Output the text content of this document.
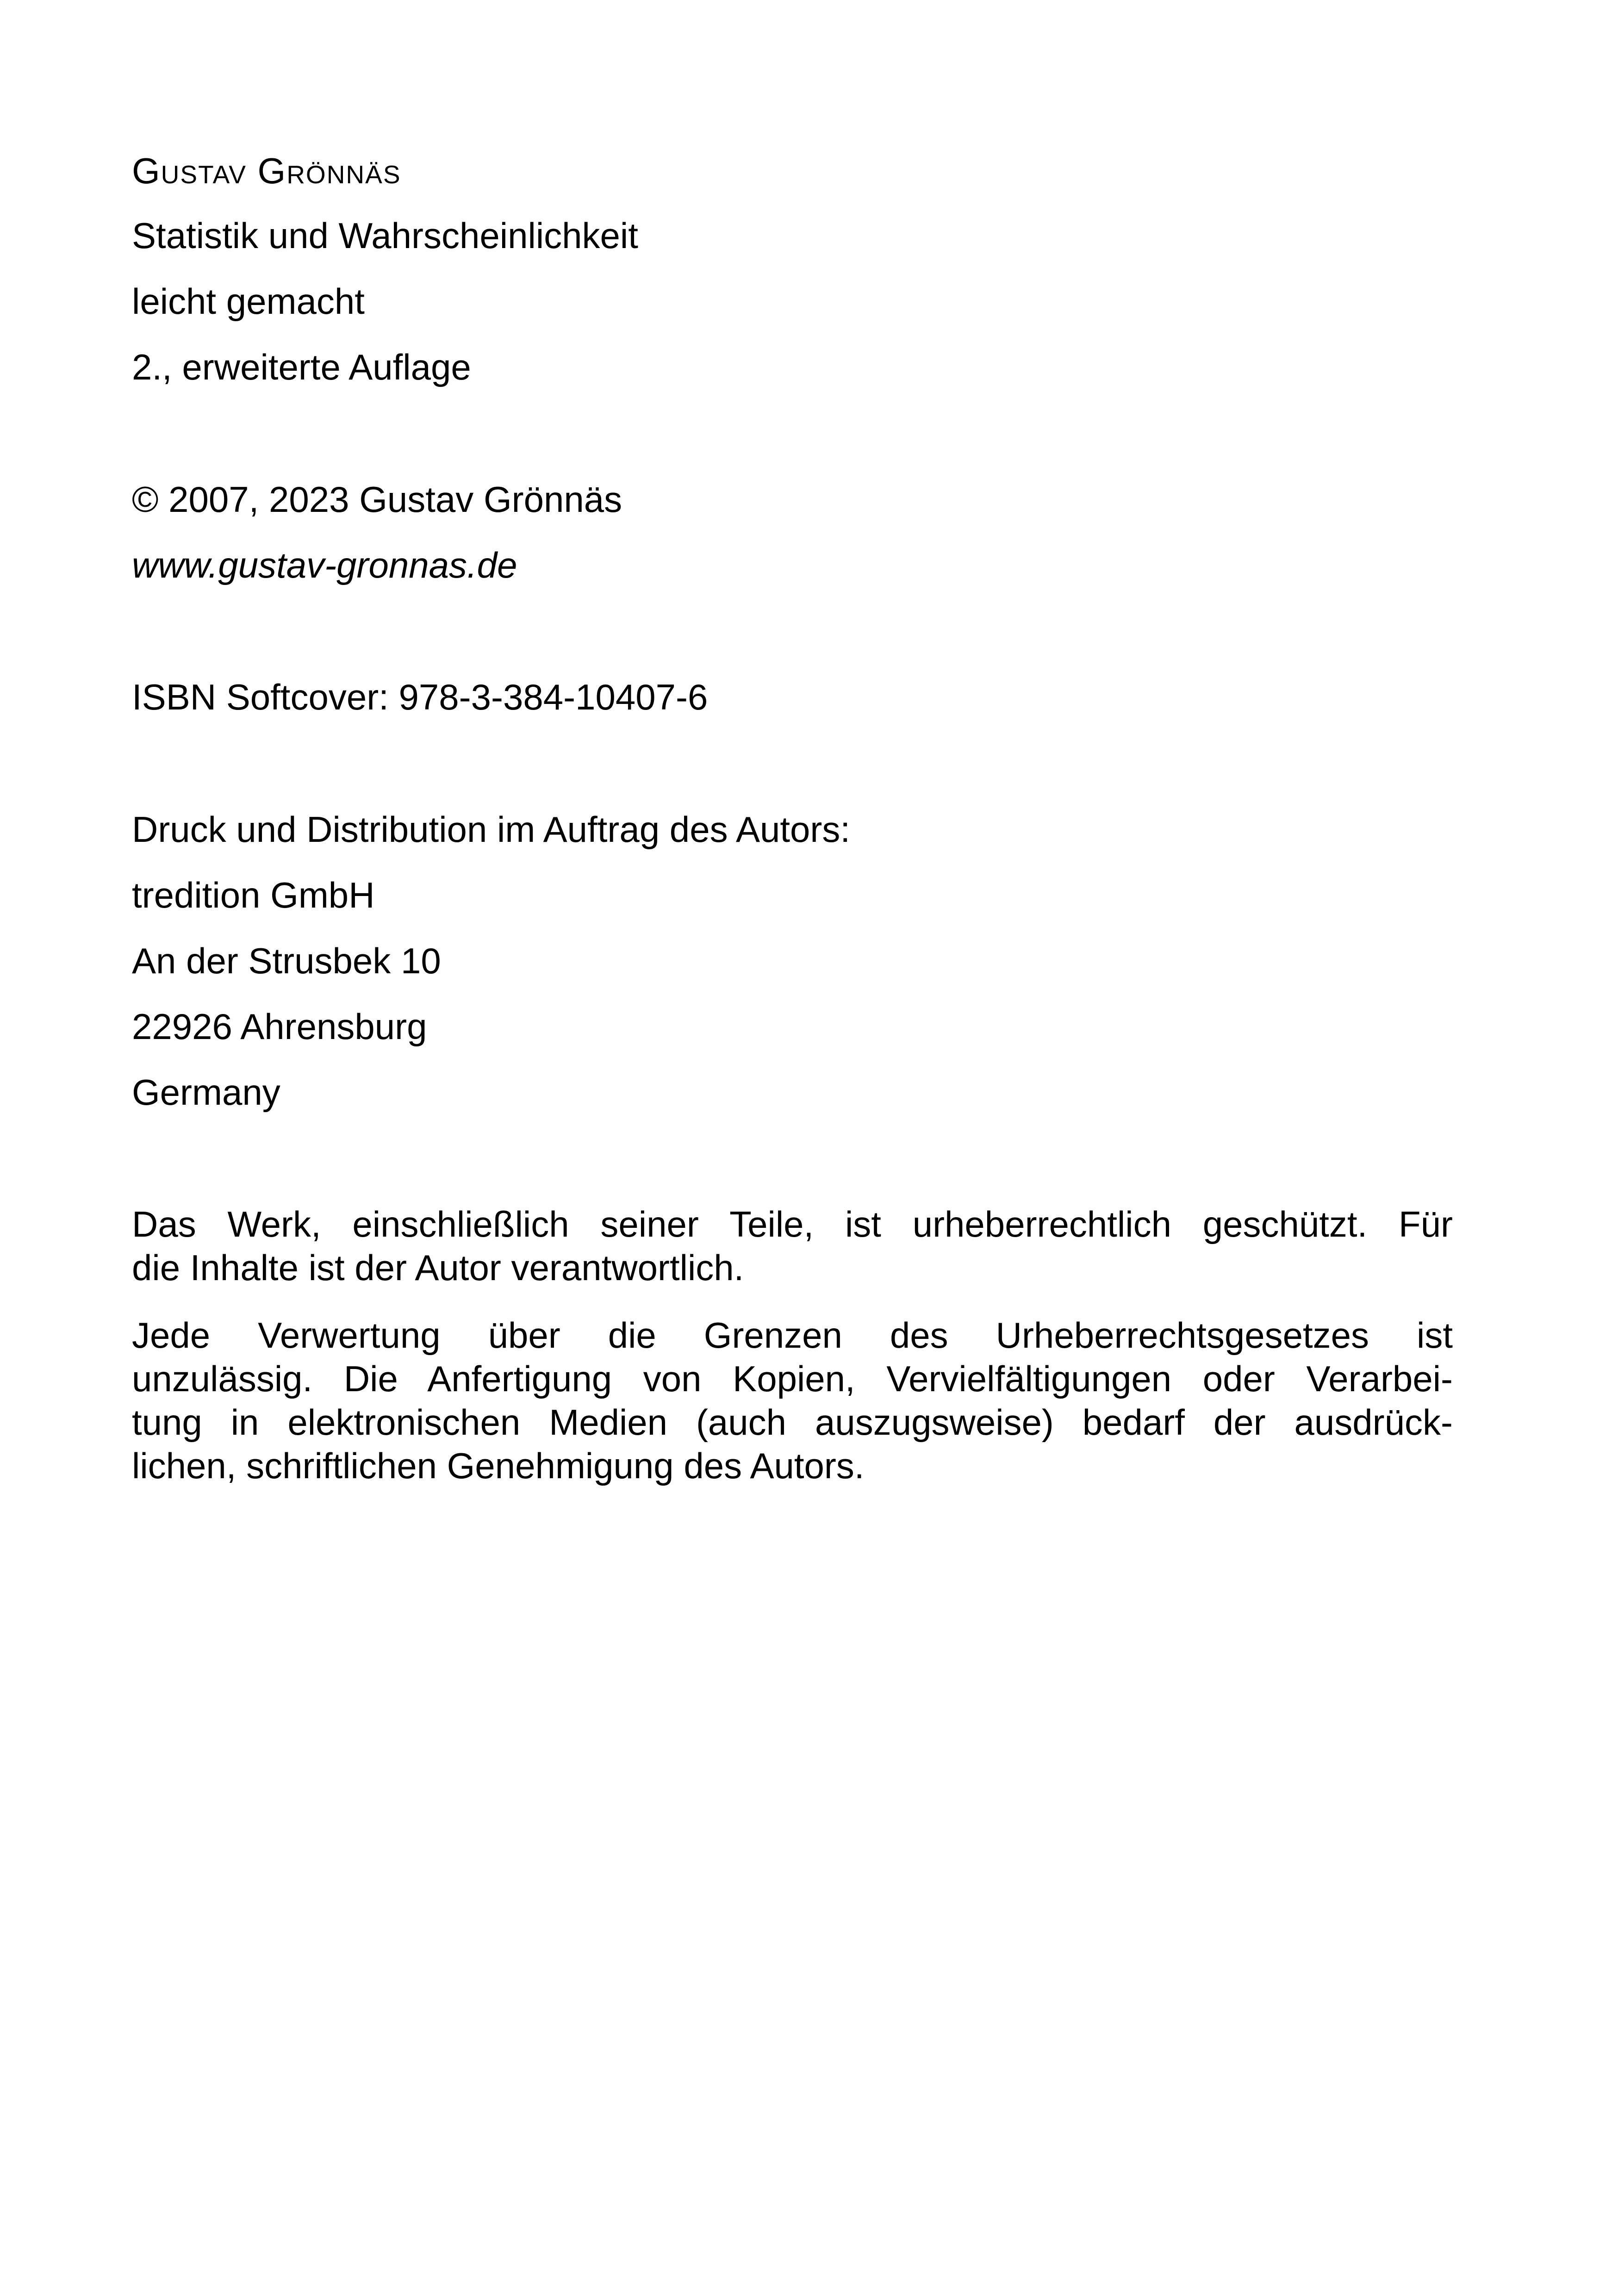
Gustav Grönnäs
Statistik und Wahrscheinlichkeit
leicht gemacht
2., erweiterte Auflage
© 2007, 2023 Gustav Grönnäs
www.gustav-gronnas.de
ISBN Softcover: 978-3-384-10407-6
Druck und Distribution im Auftrag des Autors:
tredition GmbH
An der Strusbek 10
22926 Ahrensburg
Germany
Das Werk, einschließlich seiner Teile, ist urheberrechtlich geschützt. Für
die Inhalte ist der Autor verantwortlich.
Jede Verwertung über die Grenzen des Urheberrechtsgesetzes ist
unzulässig. Die Anfertigung von Kopien, Vervielfältigungen oder Verarbei-
tung in elektronischen Medien (auch auszugsweise) bedarf der ausdrück-
lichen, schriftlichen Genehmigung des Autors.
